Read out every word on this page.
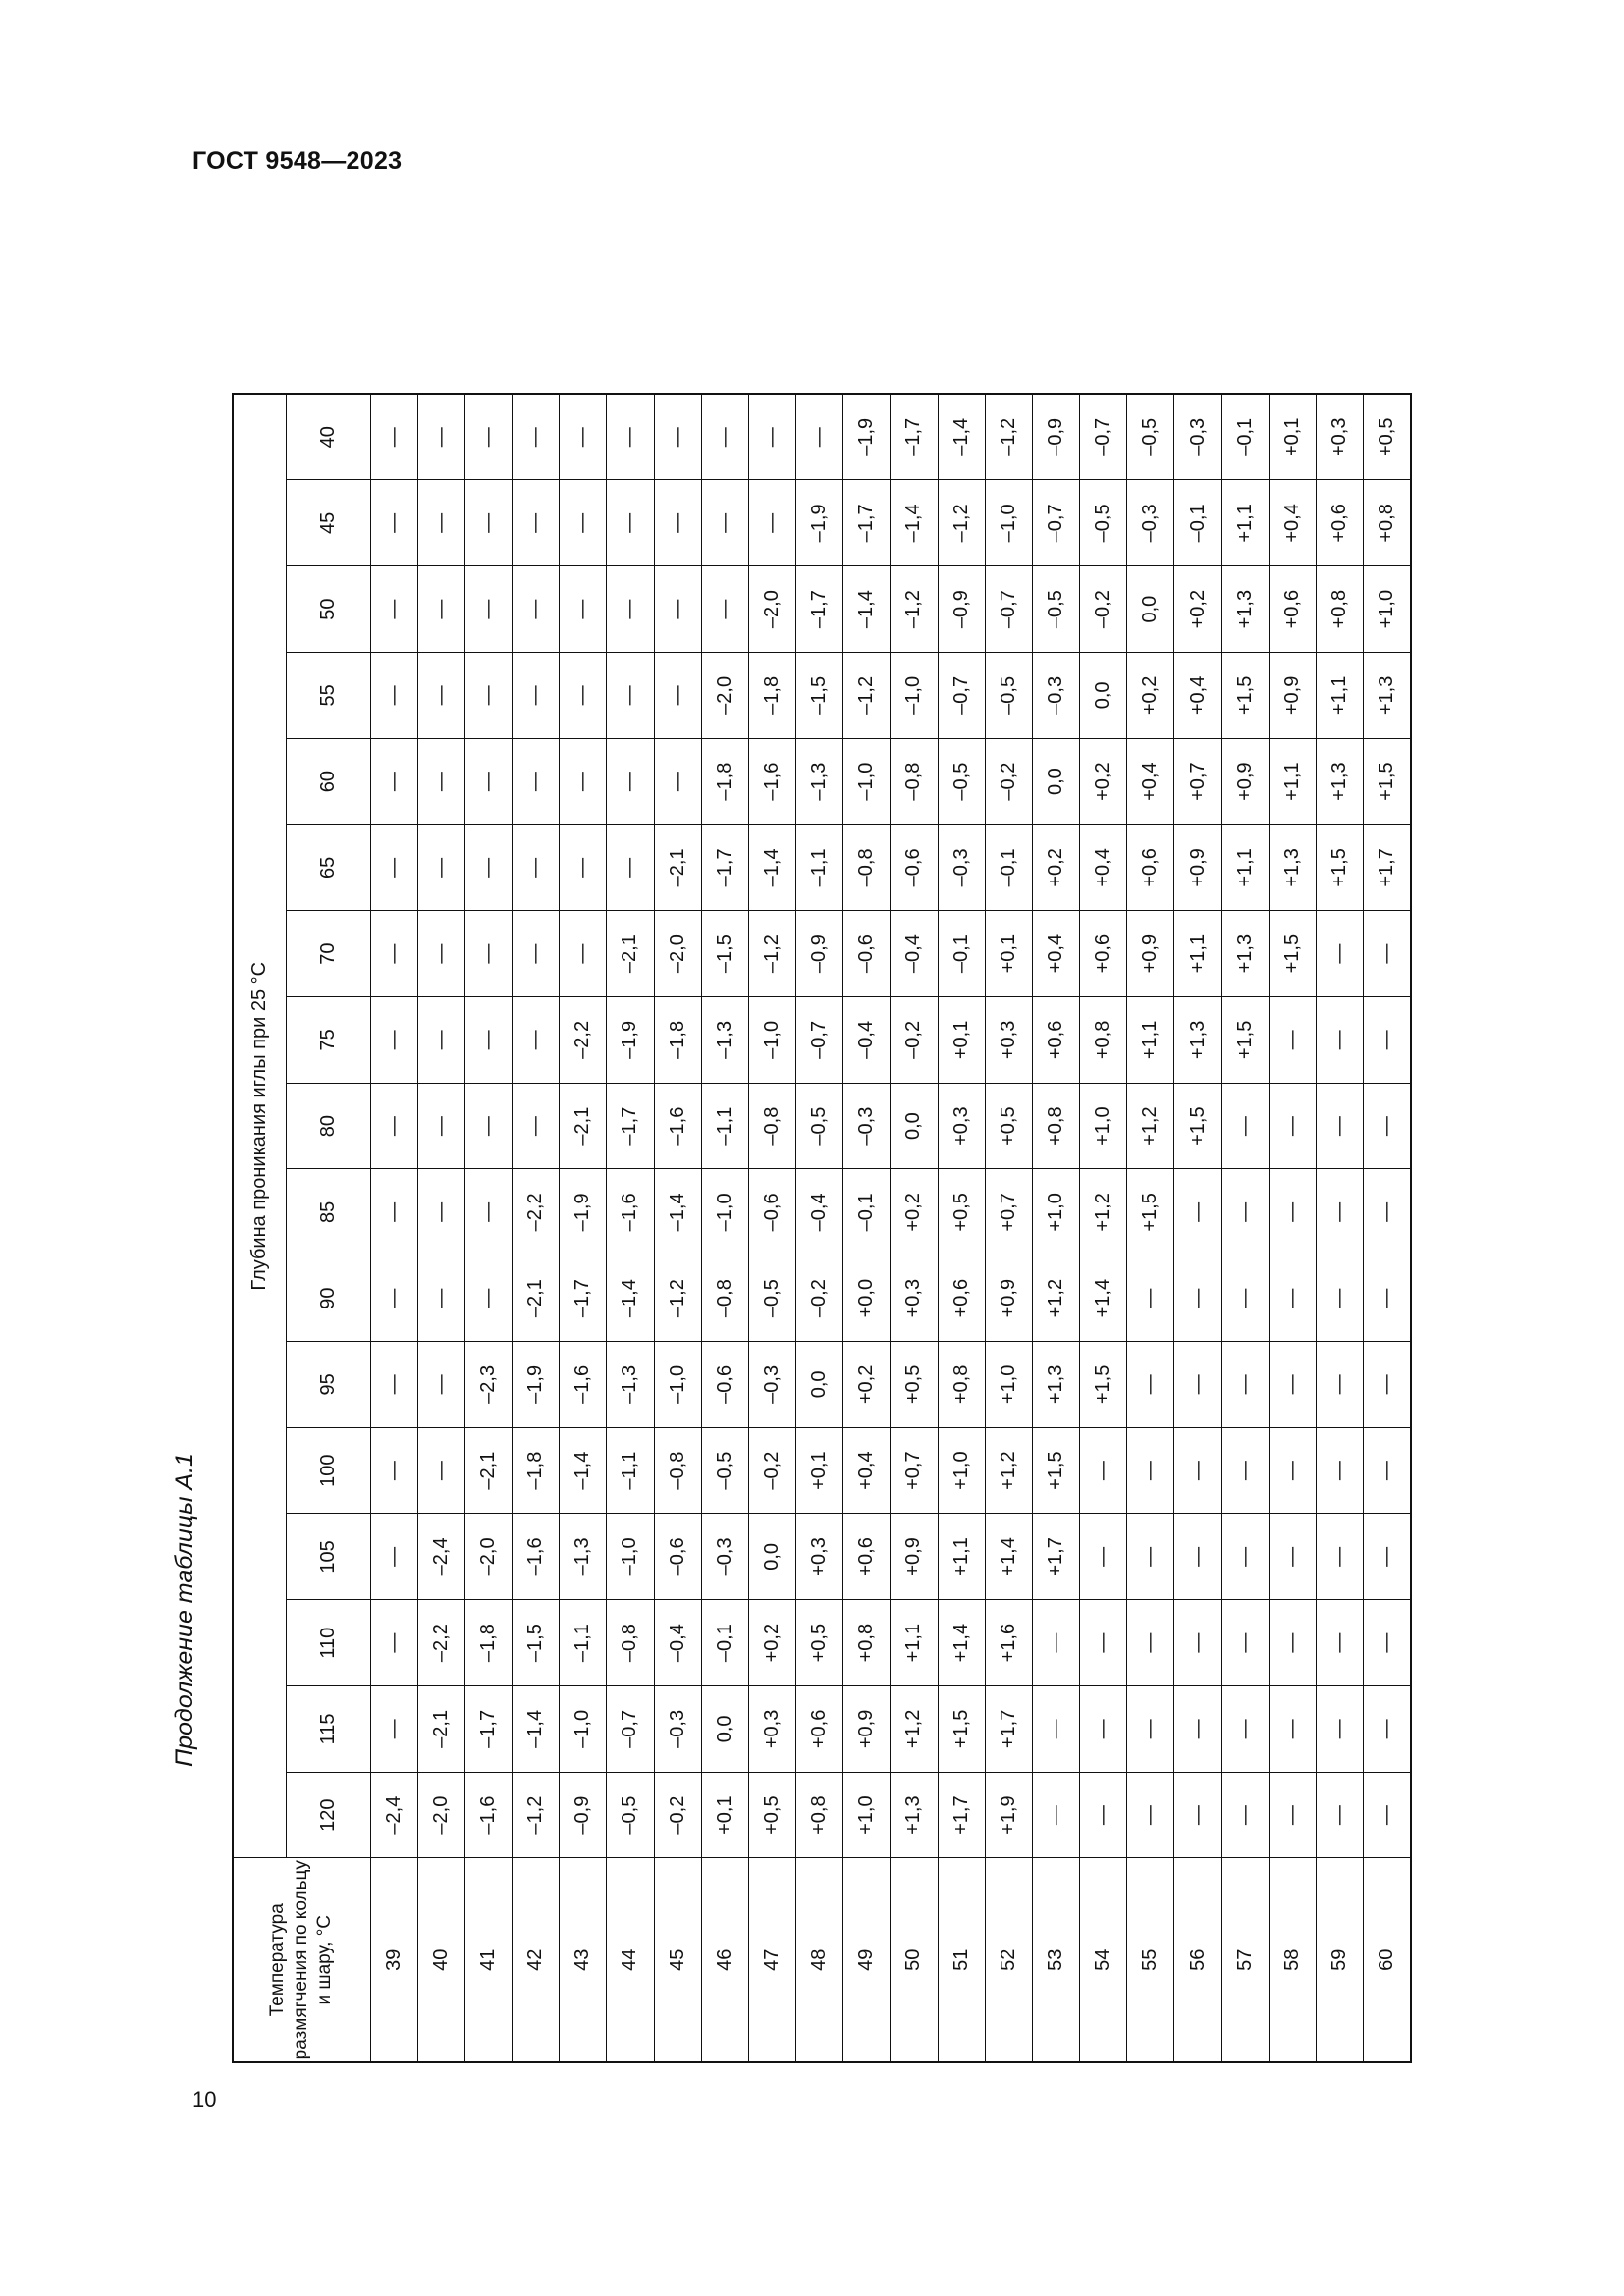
ГОСТ 9548—2023
Продолжение таблицы А.1
Температура размягчения по кольцу и шару, °С	Глубина проникания иглы при 25 °С																
	120	115	110	105	100	95	90	85	80	75	70	65	60	55	50	45	40
39	–2,4	—	—	—	—	—	—	—	—	—	—	—	—	—	—	—	—
40	–2,0	–2,1	–2,2	–2,4	—	—	—	—	—	—	—	—	—	—	—	—	—
41	–1,6	–1,7	–1,8	–2,0	–2,1	–2,3	—	—	—	—	—	—	—	—	—	—	—
42	–1,2	–1,4	–1,5	–1,6	–1,8	–1,9	–2,1	–2,2	—	—	—	—	—	—	—	—	—
43	–0,9	–1,0	–1,1	–1,3	–1,4	–1,6	–1,7	–1,9	–2,1	–2,2	—	—	—	—	—	—	—
44	–0,5	–0,7	–0,8	–1,0	–1,1	–1,3	–1,4	–1,6	–1,7	–1,9	–2,1	—	—	—	—	—	—
45	–0,2	–0,3	–0,4	–0,6	–0,8	–1,0	–1,2	–1,4	–1,6	–1,8	–2,0	–2,1	—	—	—	—	—
46	+0,1	0,0	–0,1	–0,3	–0,5	–0,6	–0,8	–1,0	–1,1	–1,3	–1,5	–1,7	–1,8	–2,0	—	—	—
47	+0,5	+0,3	+0,2	0,0	–0,2	–0,3	–0,5	–0,6	–0,8	–1,0	–1,2	–1,4	–1,6	–1,8	–2,0	—	—
48	+0,8	+0,6	+0,5	+0,3	+0,1	0,0	–0,2	–0,4	–0,5	–0,7	–0,9	–1,1	–1,3	–1,5	–1,7	–1,9	—
49	+1,0	+0,9	+0,8	+0,6	+0,4	+0,2	+0,0	–0,1	–0,3	–0,4	–0,6	–0,8	–1,0	–1,2	–1,4	–1,7	–1,9
50	+1,3	+1,2	+1,1	+0,9	+0,7	+0,5	+0,3	+0,2	0,0	–0,2	–0,4	–0,6	–0,8	–1,0	–1,2	–1,4	–1,7
51	+1,7	+1,5	+1,4	+1,1	+1,0	+0,8	+0,6	+0,5	+0,3	+0,1	–0,1	–0,3	–0,5	–0,7	–0,9	–1,2	–1,4
52	+1,9	+1,7	+1,6	+1,4	+1,2	+1,0	+0,9	+0,7	+0,5	+0,3	+0,1	–0,1	–0,2	–0,5	–0,7	–1,0	–1,2
53	—	—	—	+1,7	+1,5	+1,3	+1,2	+1,0	+0,8	+0,6	+0,4	+0,2	0,0	–0,3	–0,5	–0,7	–0,9
54	—	—	—	—	—	+1,5	+1,4	+1,2	+1,0	+0,8	+0,6	+0,4	+0,2	0,0	–0,2	–0,5	–0,7
55	—	—	—	—	—	—	—	+1,5	+1,2	+1,1	+0,9	+0,6	+0,4	+0,2	0,0	–0,3	–0,5
56	—	—	—	—	—	—	—	—	+1,5	+1,3	+1,1	+0,9	+0,7	+0,4	+0,2	–0,1	–0,3
57	—	—	—	—	—	—	—	—	—	+1,5	+1,3	+1,1	+0,9	+1,5	+1,3	+1,1	–0,1
58	—	—	—	—	—	—	—	—	—	—	+1,5	+1,3	+1,1	+0,9	+0,6	+0,4	+0,1
59	—	—	—	—	—	—	—	—	—	—	—	+1,5	+1,3	+1,1	+0,8	+0,6	+0,3
60	—	—	—	—	—	—	—	—	—	—	—	+1,7	+1,5	+1,3	+1,0	+0,8	+0,5
10
